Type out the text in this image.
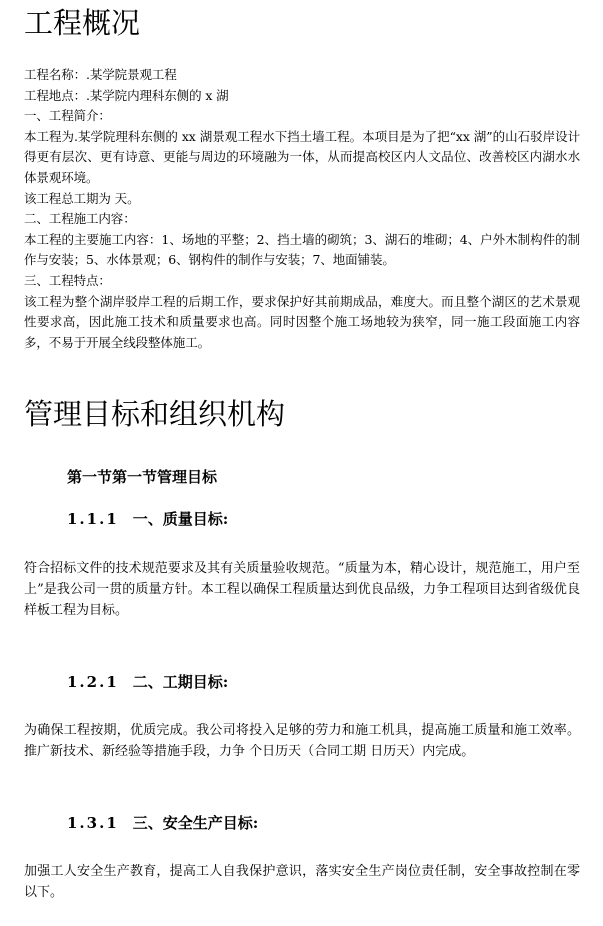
工程概况
工程名称：.某学院景观工程
工程地点：.某学院内理科东侧的 x 湖
一、工程简介：
本工程为.某学院理科东侧的 xx 湖景观工程水下挡土墙工程。本项目是为了把“xx 湖”的山石驳岸设计得更有层次、更有诗意、更能与周边的环境融为一体，从而提高校区内人文品位、改善校区内湖水水体景观环境。
该工程总工期为 天。
二、工程施工内容：
本工程的主要施工内容：1、场地的平整；2、挡土墙的砌筑；3、湖石的堆砌；4、户外木制构件的制作与安装；5、水体景观；6、钢构件的制作与安装；7、地面铺装。
三、工程特点：
该工程为整个湖岸驳岸工程的后期工作，要求保护好其前期成品，难度大。而且整个湖区的艺术景观性要求高，因此施工技术和质量要求也高。同时因整个施工场地较为狭窄，同一施工段面施工内容多，不易于开展全线段整体施工。
管理目标和组织机构
第一节第一节管理目标
1.1.1 一、质量目标:
符合招标文件的技术规范要求及其有关质量验收规范。“质量为本，精心设计，规范施工，用户至上”是我公司一贯的质量方针。本工程以确保工程质量达到优良品级，力争工程项目达到省级优良样板工程为目标。
1.2.1 二、工期目标:
为确保工程按期，优质完成。我公司将投入足够的劳力和施工机具，提高施工质量和施工效率。推广新技术、新经验等措施手段，力争 个日历天（合同工期 日历天）内完成。
1.3.1 三、安全生产目标:
加强工人安全生产教育，提高工人自我保护意识，落实安全生产岗位责任制，安全事故控制在零以下。
